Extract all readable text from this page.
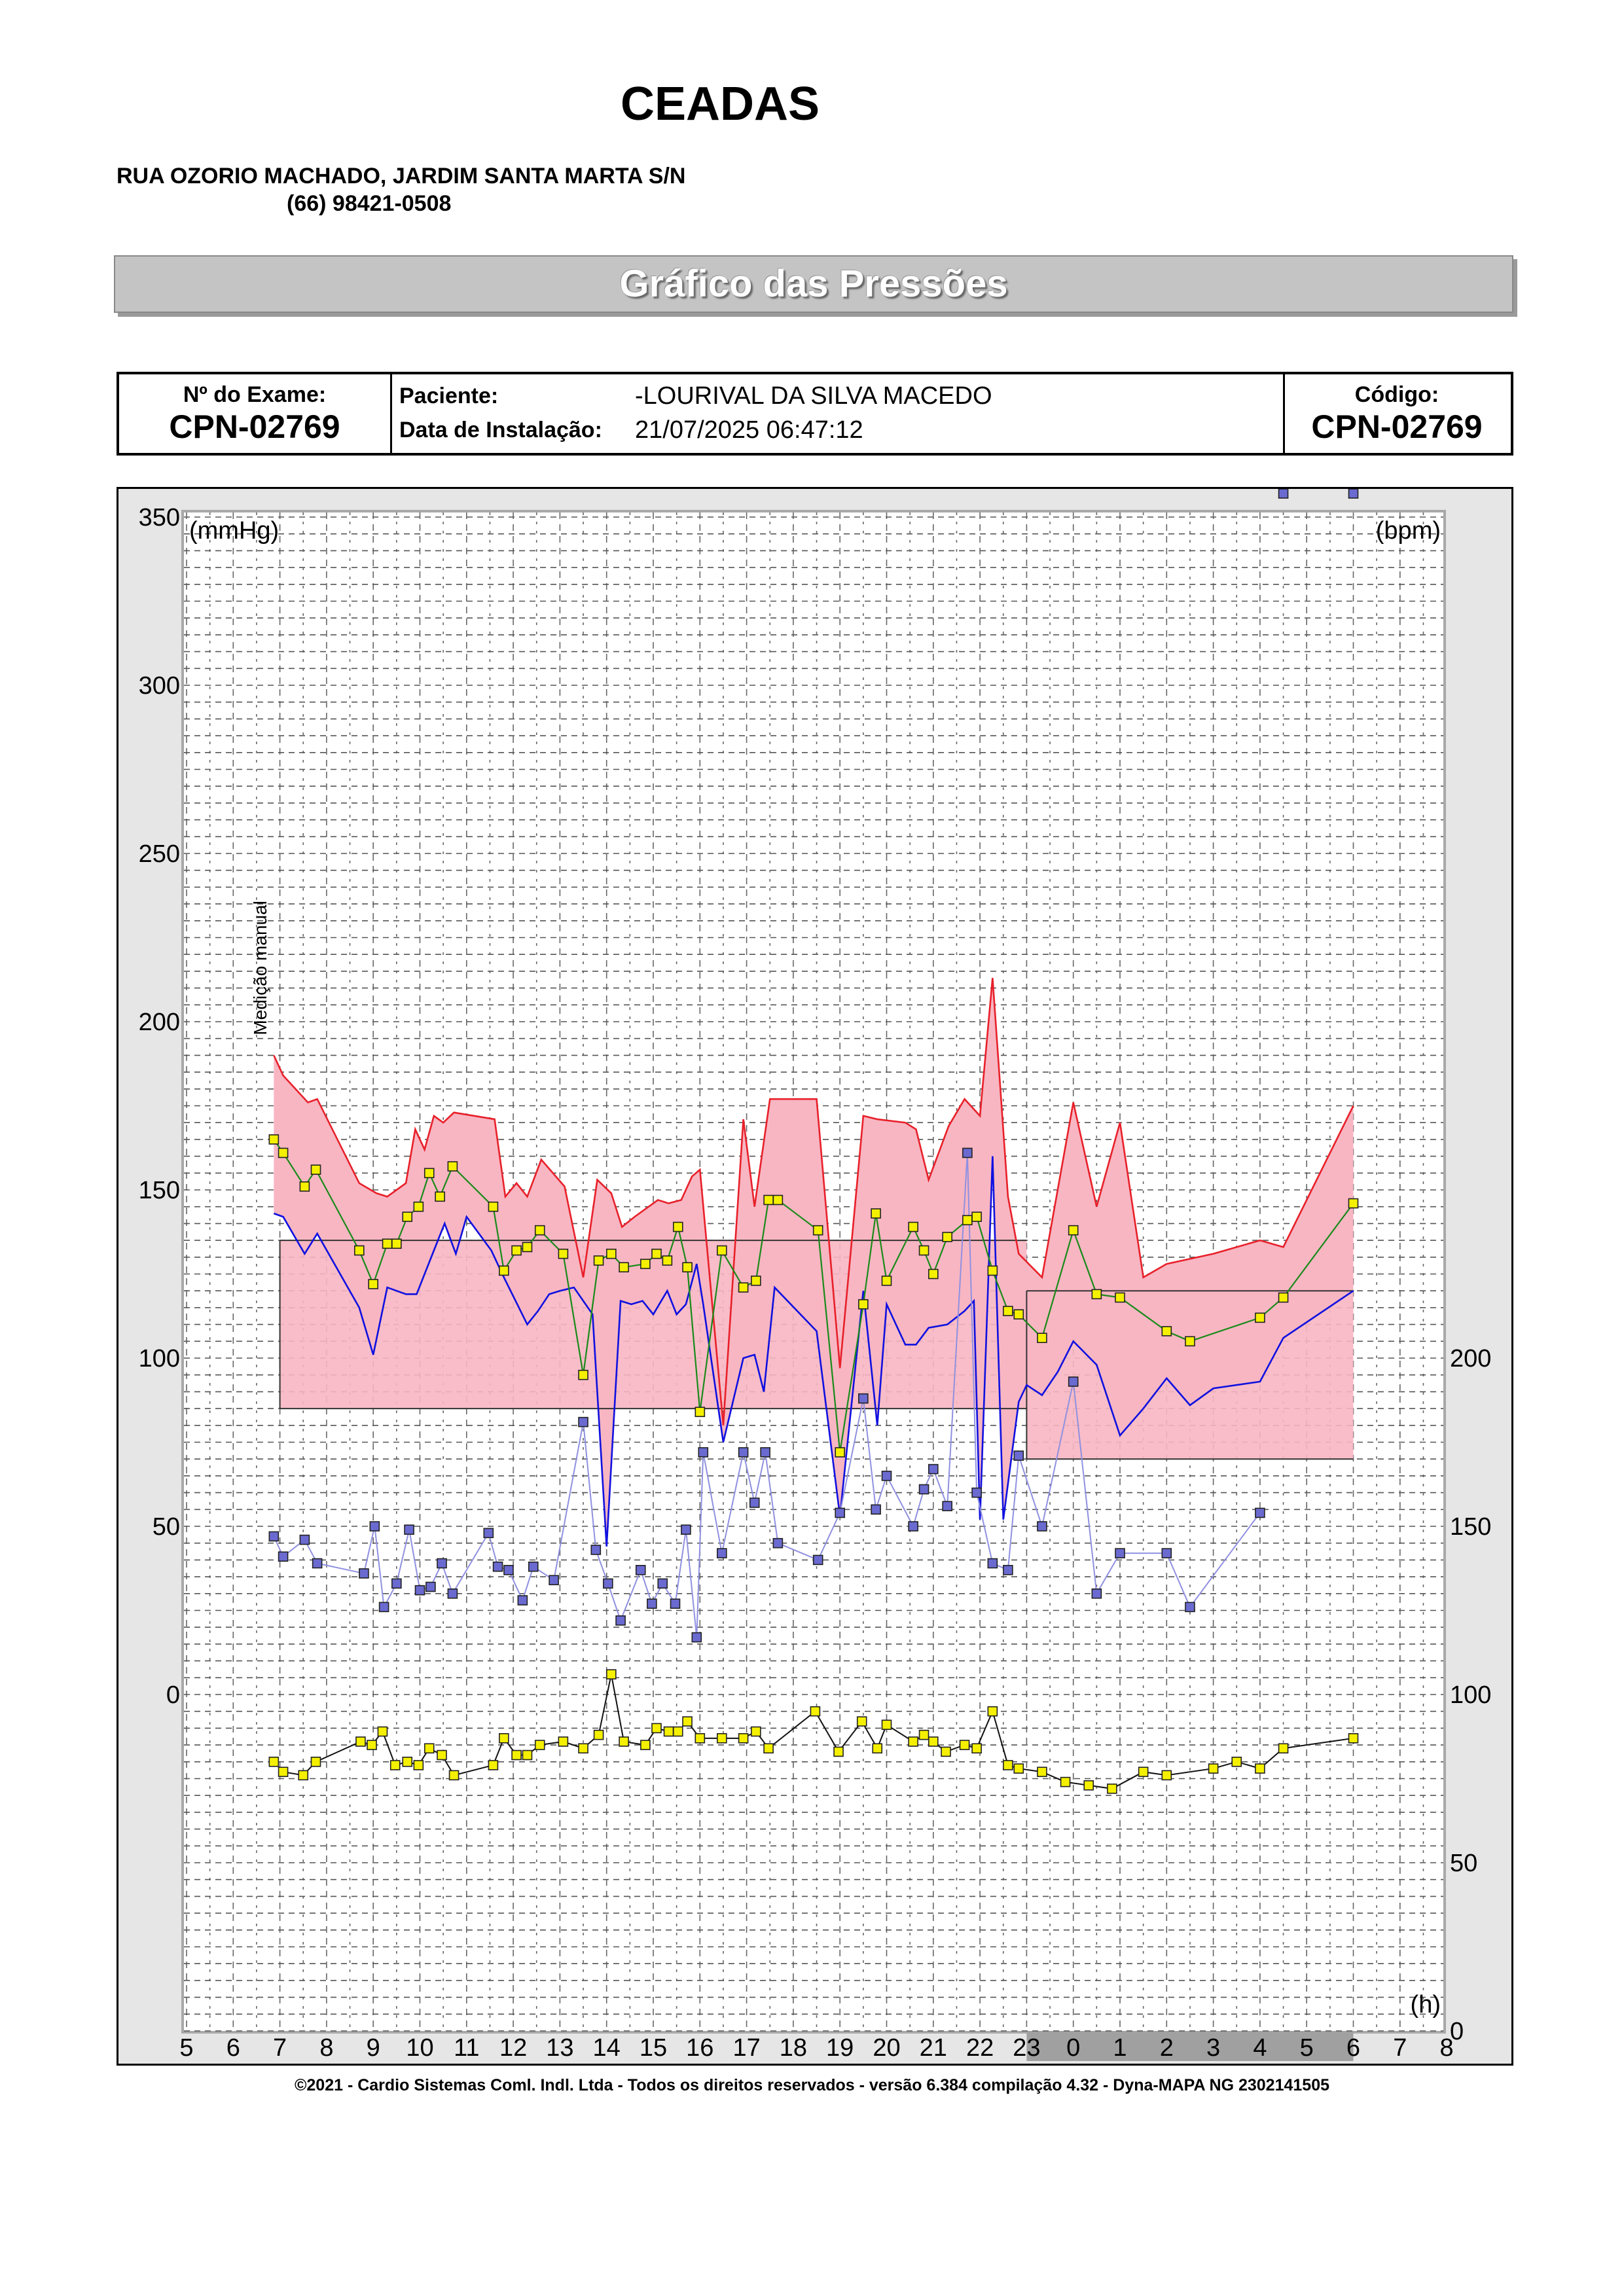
CEADAS
RUA OZORIO MACHADO, JARDIM SANTA MARTA S/N
(66) 98421-0508
Gráfico das Pressões
Nº do Exame:
CPN-02769
Paciente:	-LOURIVAL DA SILVA MACEDO
Data de Instalação: 21/07/2025 06:47:12
Código:
CPN-02769
350
300
250
200
150
100
50
0
200
150
100
50
0
5 6 7 8 9 10 11 12 13 14 15 16 17 18 19 20 21 22 23 0 1 2 3 4 5 6 7 8
(mmHg)	(bpm)
(h)
Medição manual
©2021 - Cardio Sistemas Coml. Indl. Ltda - Todos os direitos reservados - versão 6.384 compilação 4.32 - Dyna-MAPA NG 2302141505
